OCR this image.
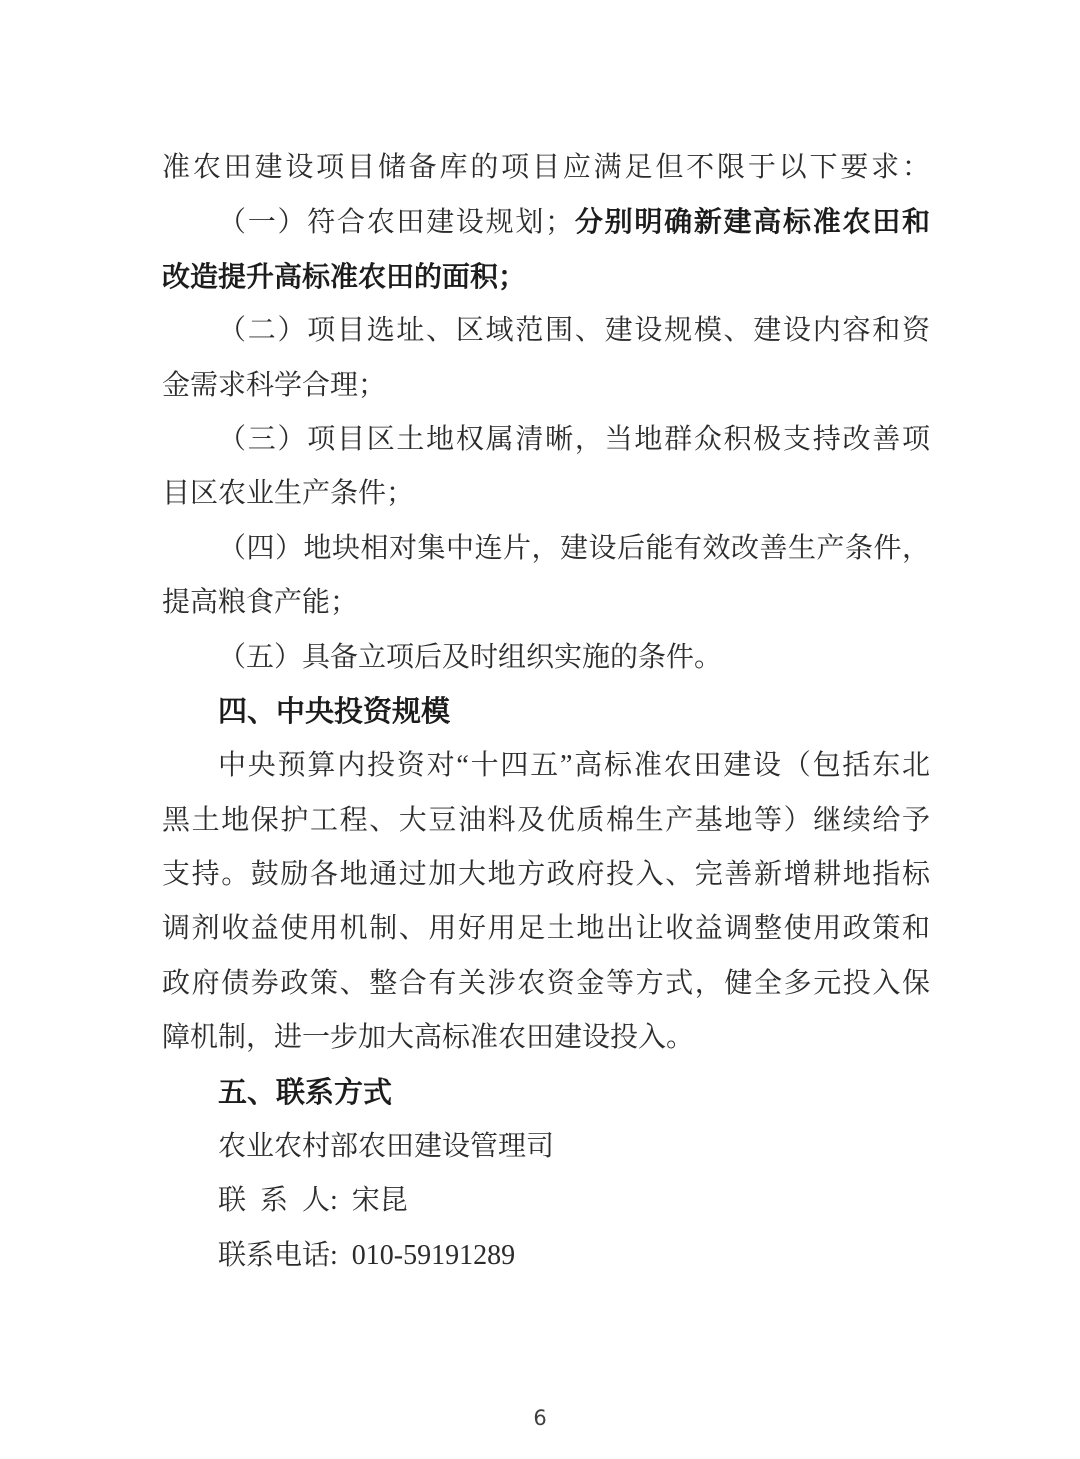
准农田建设项目储备库的项目应满足但不限于以下要求：
（一）符合农田建设规划；分别明确新建高标准农田和
改造提升高标准农田的面积；
（二）项目选址、区域范围、建设规模、建设内容和资
金需求科学合理；
（三）项目区土地权属清晰，当地群众积极支持改善项
目区农业生产条件；
（四）地块相对集中连片，建设后能有效改善生产条件，
提高粮食产能；
（五）具备立项后及时组织实施的条件。
四、中央投资规模
中央预算内投资对“十四五”高标准农田建设（包括东北
黑土地保护工程、大豆油料及优质棉生产基地等）继续给予
支持。鼓励各地通过加大地方政府投入、完善新增耕地指标
调剂收益使用机制、用好用足土地出让收益调整使用政策和
政府债券政策、整合有关涉农资金等方式，健全多元投入保
障机制，进一步加大高标准农田建设投入。
五、联系方式
农业农村部农田建设管理司
联  系  人:  宋昆
联系电话:  010-59191289
6
